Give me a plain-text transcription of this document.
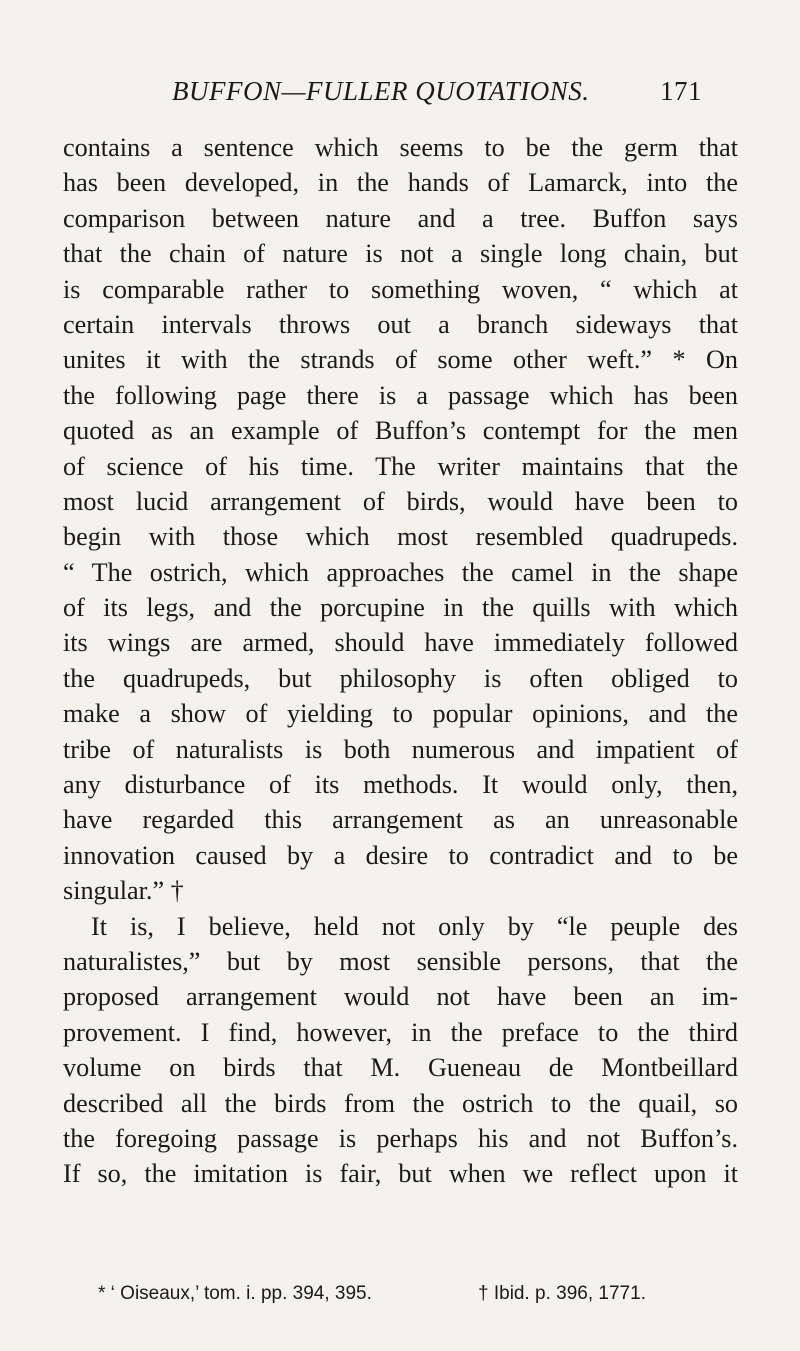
BUFFON—FULLER QUOTATIONS.	171
contains a sentence which seems to be the germ that
has been developed, in the hands of Lamarck, into the
comparison between nature and a tree. Buffon says
that the chain of nature is not a single long chain, but
is comparable rather to something woven, “ which at
certain intervals throws out a branch sideways that
unites it with the strands of some other weft.” * On
the following page there is a passage which has been
quoted as an example of Buffon’s contempt for the men
of science of his time. The writer maintains that the
most lucid arrangement of birds, would have been to
begin with those which most resembled quadrupeds.
“ The ostrich, which approaches the camel in the shape
of its legs, and the porcupine in the quills with which
its wings are armed, should have immediately followed
the quadrupeds, but philosophy is often obliged to
make a show of yielding to popular opinions, and the
tribe of naturalists is both numerous and impatient of
any disturbance of its methods. It would only, then,
have regarded this arrangement as an unreasonable
innovation caused by a desire to contradict and to be
singular.” †
It is, I believe, held not only by “le peuple des
naturalistes,” but by most sensible persons, that the
proposed arrangement would not have been an im-
provement. I find, however, in the preface to the third
volume on birds that M. Gueneau de Montbeillard
described all the birds from the ostrich to the quail, so
the foregoing passage is perhaps his and not Buffon’s.
If so, the imitation is fair, but when we reflect upon it
* ‘ Oiseaux,’ tom. i. pp. 394, 395.	† Ibid. p. 396, 1771.
